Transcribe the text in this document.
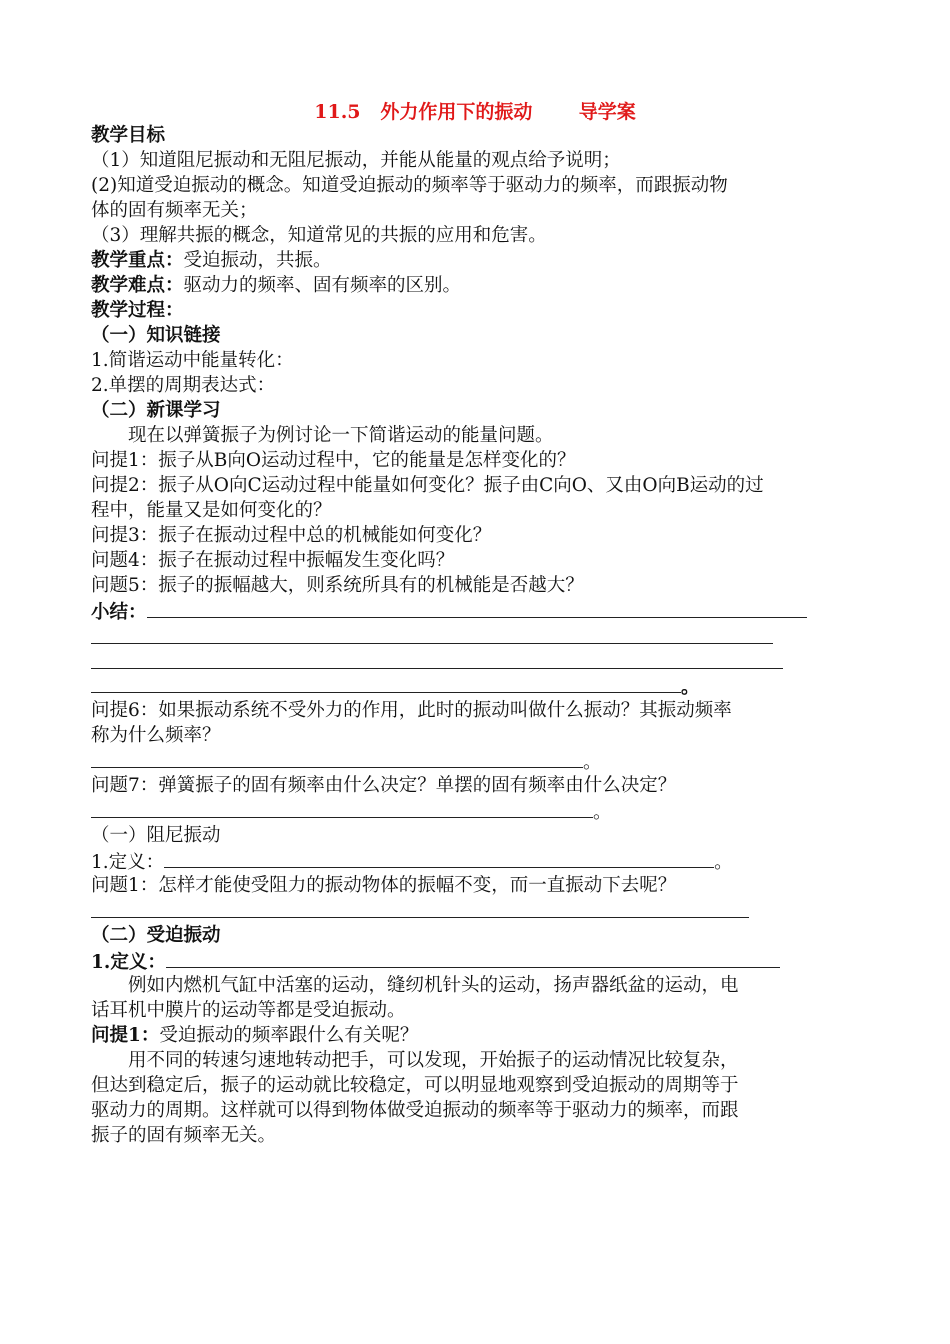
11.5 外力作用下的振动 导学案
教学目标
（1）知道阻尼振动和无阻尼振动，并能从能量的观点给予说明；
(2)知道受迫振动的概念。知道受迫振动的频率等于驱动力的频率，而跟振动物
体的固有频率无关；
（3）理解共振的概念，知道常见的共振的应用和危害。
教学重点：受迫振动，共振。
教学难点：驱动力的频率、固有频率的区别。
教学过程：
（一）知识链接
1.简谐运动中能量转化：
2.单摆的周期表达式：
（二）新课学习
现在以弹簧振子为例讨论一下简谐运动的能量问题。
问提1：振子从B向O运动过程中，它的能量是怎样变化的？
问提2：振子从O向C运动过程中能量如何变化？振子由C向O、又由O向B运动的过
程中，能量又是如何变化的？
问提3：振子在振动过程中总的机械能如何变化？
问题4：振子在振动过程中振幅发生变化吗？
问题5：振子的振幅越大，则系统所具有的机械能是否越大？
小结：
。
问提6：如果振动系统不受外力的作用，此时的振动叫做什么振动？其振动频率
称为什么频率？
。
问题7：弹簧振子的固有频率由什么决定？单摆的固有频率由什么决定？
。
（一）阻尼振动
1.定义：	。
问题1：怎样才能使受阻力的振动物体的振幅不变，而一直振动下去呢？
（二）受迫振动
1.定义：
例如内燃机气缸中活塞的运动，缝纫机针头的运动，扬声器纸盆的运动，电
话耳机中膜片的运动等都是受迫振动。
问提1：受迫振动的频率跟什么有关呢？
用不同的转速匀速地转动把手，可以发现，开始振子的运动情况比较复杂，
但达到稳定后，振子的运动就比较稳定，可以明显地观察到受迫振动的周期等于
驱动力的周期。这样就可以得到物体做受迫振动的频率等于驱动力的频率，而跟
振子的固有频率无关。
